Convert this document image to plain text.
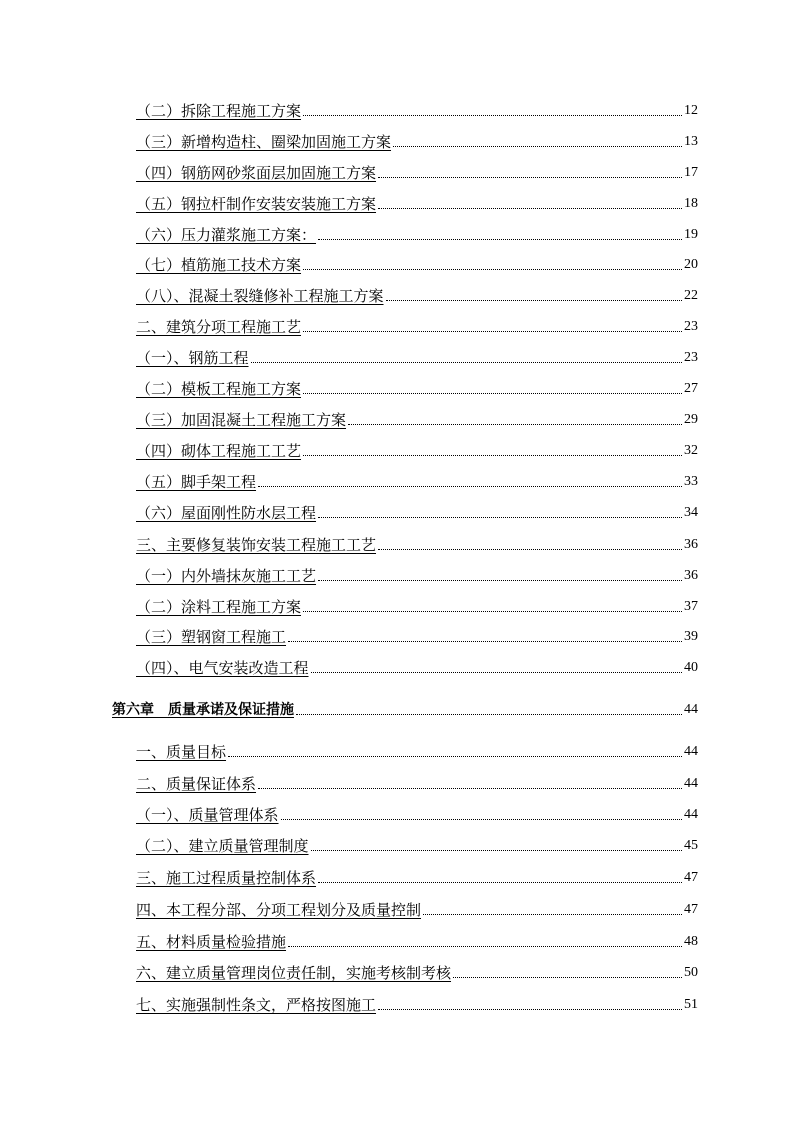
（二）拆除工程施工方案	12
（三）新增构造柱、圈梁加固施工方案	13
（四）钢筋网砂浆面层加固施工方案	17
（五）钢拉杆制作安装安装施工方案	18
（六）压力灌浆施工方案：	19
（七）植筋施工技术方案	20
（八）、混凝土裂缝修补工程施工方案	22
二、建筑分项工程施工艺	23
（一）、钢筋工程	23
（二）模板工程施工方案	27
（三）加固混凝土工程施工方案	29
（四）砌体工程施工工艺	32
（五）脚手架工程	33
（六）屋面刚性防水层工程	34
三、主要修复装饰安装工程施工工艺	36
（一）内外墙抹灰施工工艺	36
（二）涂料工程施工方案	37
（三）塑钢窗工程施工	39
（四）、电气安装改造工程	40
第六章　质量承诺及保证措施	44
一、质量目标	44
二、质量保证体系	44
（一）、质量管理体系	44
（二）、建立质量管理制度	45
三、施工过程质量控制体系	47
四、本工程分部、分项工程划分及质量控制	47
五、材料质量检验措施	48
六、建立质量管理岗位责任制，实施考核制考核	50
七、实施强制性条文，严格按图施工	51
